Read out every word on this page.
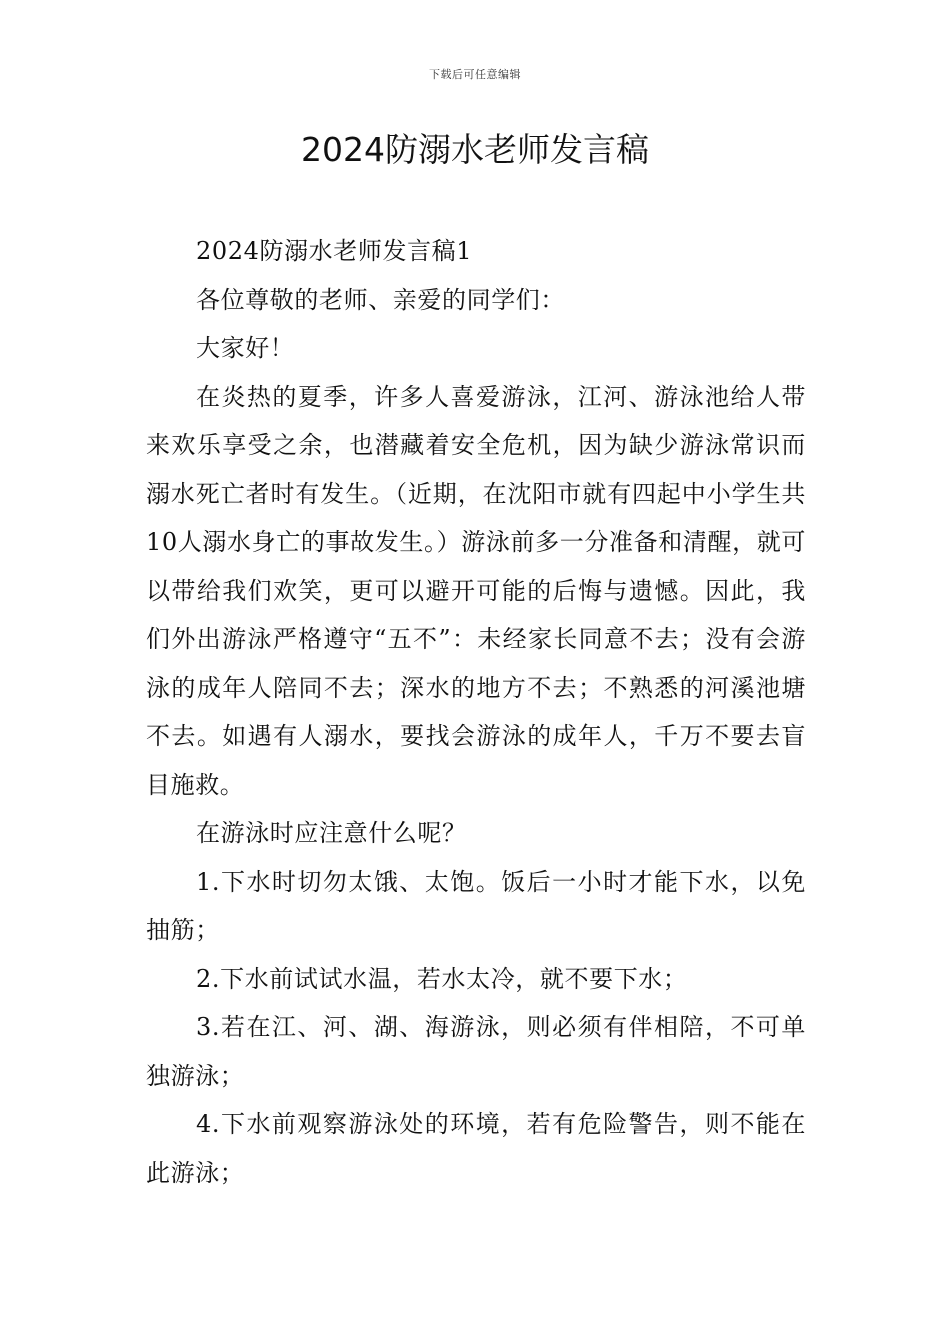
下载后可任意编辑
2024防溺水老师发言稿

2024防溺水老师发言稿1

各位尊敬的老师、亲爱的同学们：

大家好！

在炎热的夏季，许多人喜爱游泳，江河、游泳池给人带来欢乐享受之余，也潜藏着安全危机，因为缺少游泳常识而溺水死亡者时有发生。（近期，在沈阳市就有四起中小学生共10人溺水身亡的事故发生。）游泳前多一分准备和清醒，就可以带给我们欢笑，更可以避开可能的后悔与遗憾。因此，我们外出游泳严格遵守“五不”：未经家长同意不去；没有会游泳的成年人陪同不去；深水的地方不去；不熟悉的河溪池塘不去。如遇有人溺水，要找会游泳的成年人，千万不要去盲目施救。

在游泳时应注意什么呢？

1.下水时切勿太饿、太饱。饭后一小时才能下水，以免抽筋；

2.下水前试试水温，若水太冷，就不要下水；

3.若在江、河、湖、海游泳，则必须有伴相陪，不可单独游泳；

4.下水前观察游泳处的环境，若有危险警告，则不能在此游泳；
